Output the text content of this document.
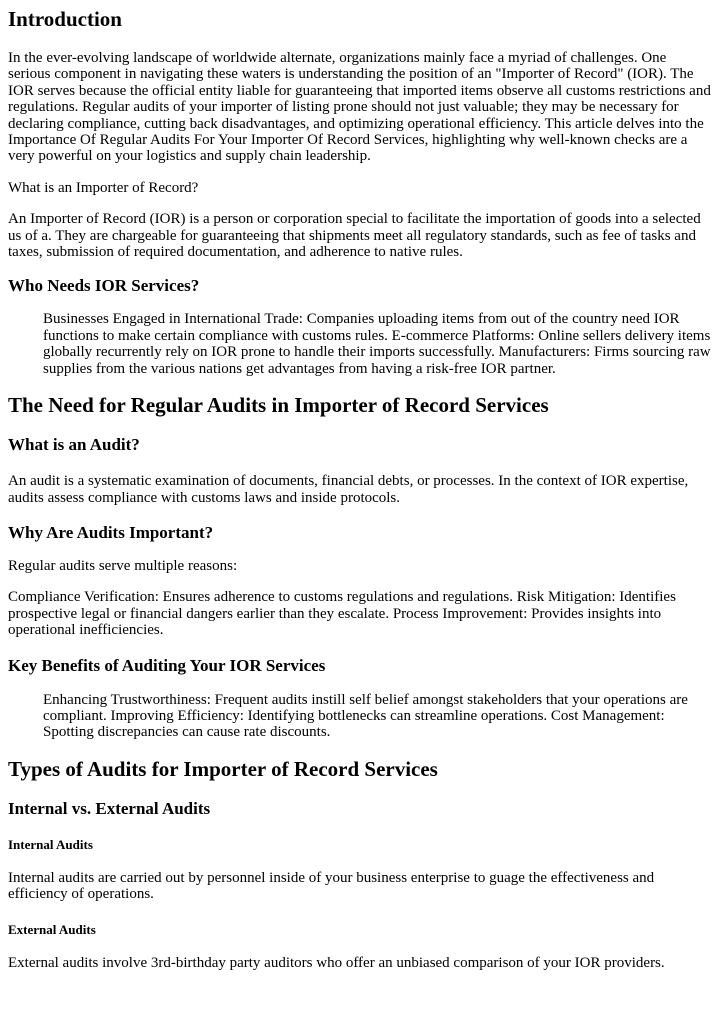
Introduction

In the ever-evolving landscape of worldwide alternate, organizations mainly face a myriad of challenges. One serious component in navigating these waters is understanding the position of an "Importer of Record" (IOR). The IOR serves because the official entity liable for guaranteeing that imported items observe all customs restrictions and regulations. Regular audits of your importer of listing prone should not just valuable; they may be necessary for declaring compliance, cutting back disadvantages, and optimizing operational efficiency. This article delves into the Importance Of Regular Audits For Your Importer Of Record Services, highlighting why well-known checks are a very powerful on your logistics and supply chain leadership.

What is an Importer of Record?

An Importer of Record (IOR) is a person or corporation special to facilitate the importation of goods into a selected us of a. They are chargeable for guaranteeing that shipments meet all regulatory standards, such as fee of tasks and taxes, submission of required documentation, and adherence to native rules.

Who Needs IOR Services?
Businesses Engaged in International Trade: Companies uploading items from out of the country need IOR functions to make certain compliance with customs rules. E-commerce Platforms: Online sellers delivery items globally recurrently rely on IOR prone to handle their imports successfully. Manufacturers: Firms sourcing raw supplies from the various nations get advantages from having a risk-free IOR partner.
The Need for Regular Audits in Importer of Record Services
What is an Audit?

An audit is a systematic examination of documents, financial debts, or processes. In the context of IOR expertise, audits assess compliance with customs laws and inside protocols.

Why Are Audits Important?

Regular audits serve multiple reasons:

Compliance Verification: Ensures adherence to customs regulations and regulations. Risk Mitigation: Identifies prospective legal or financial dangers earlier than they escalate. Process Improvement: Provides insights into operational inefficiencies.

Key Benefits of Auditing Your IOR Services
Enhancing Trustworthiness: Frequent audits instill self belief amongst stakeholders that your operations are compliant. Improving Efficiency: Identifying bottlenecks can streamline operations. Cost Management: Spotting discrepancies can cause rate discounts.
Types of Audits for Importer of Record Services
Internal vs. External Audits
Internal Audits

Internal audits are carried out by personnel inside of your business enterprise to guage the effectiveness and efficiency of operations.

External Audits

External audits involve 3rd-birthday party auditors who offer an unbiased comparison of your IOR providers.
